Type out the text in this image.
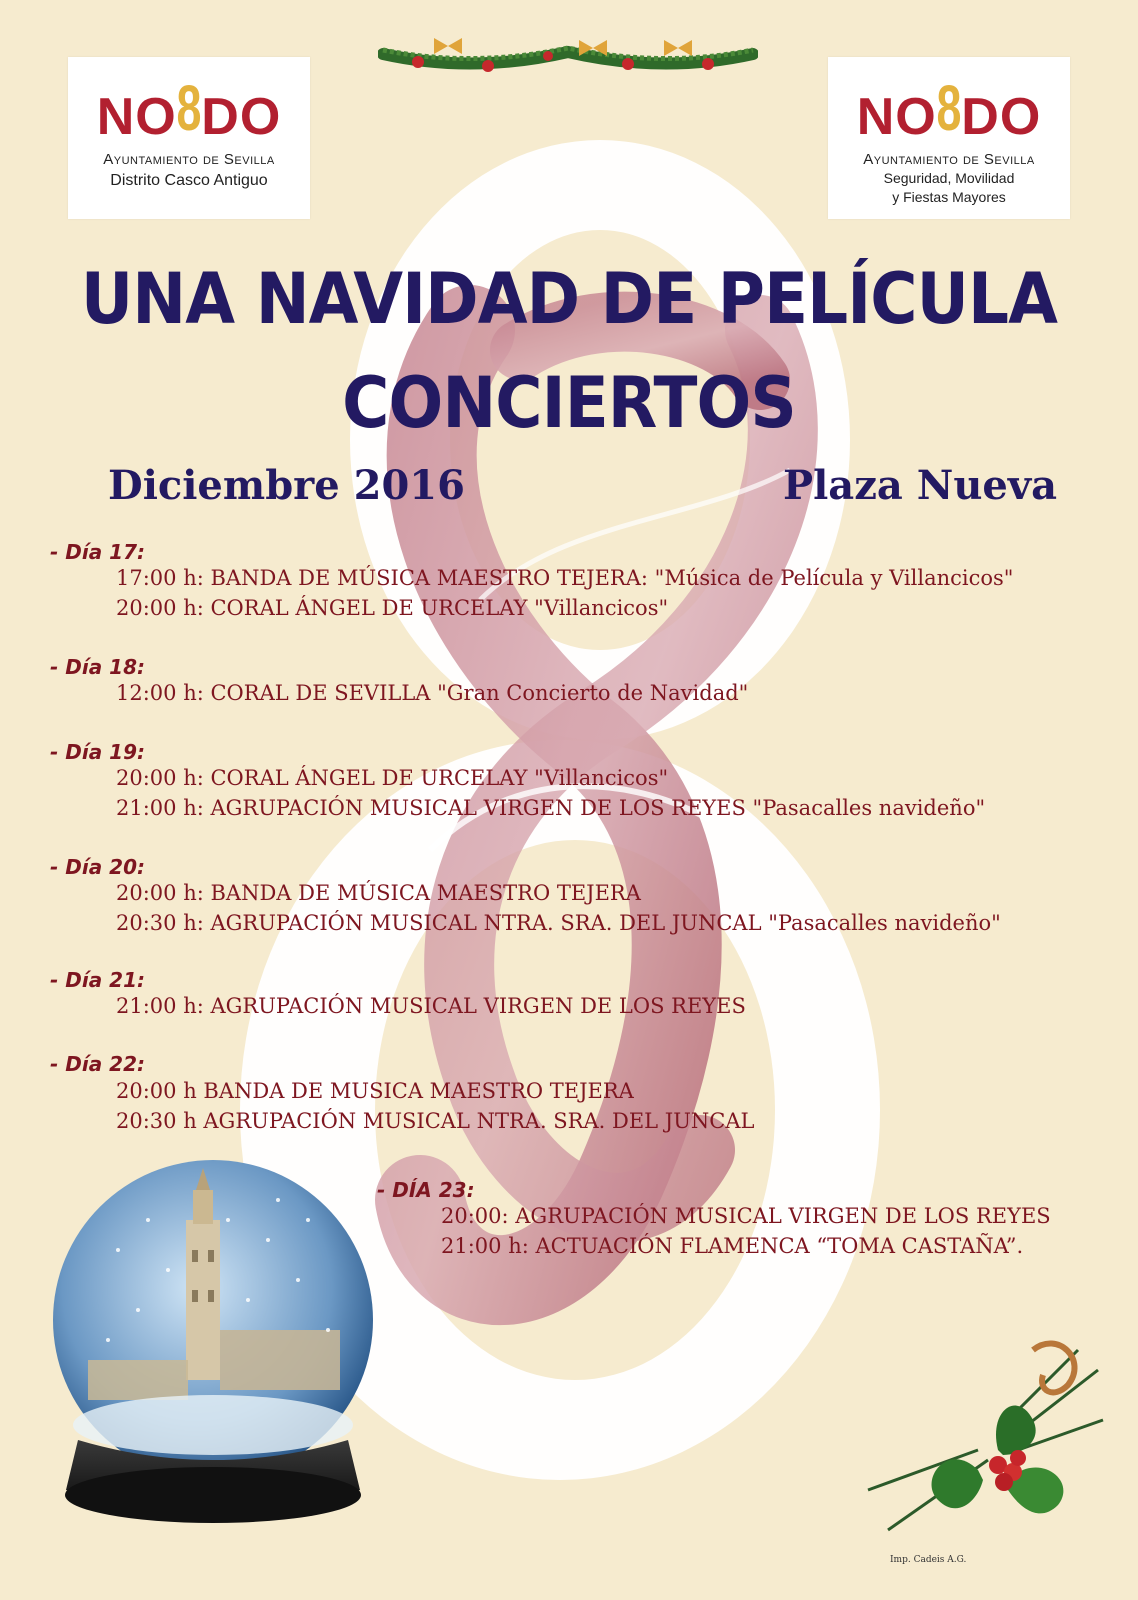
NO8DO
Ayuntamiento de Sevilla
Distrito Casco Antiguo
NO8DO
Ayuntamiento de Sevilla
Seguridad, Movilidad
y Fiestas Mayores
UNA NAVIDAD DE PELÍCULA
CONCIERTOS
Diciembre 2016	Plaza Nueva
- Día 17:
17:00 h: BANDA DE MÚSICA MAESTRO TEJERA: "Música de Película y Villancicos"
20:00 h: CORAL ÁNGEL DE URCELAY "Villancicos"
- Día 18:
12:00 h: CORAL DE SEVILLA "Gran Concierto de Navidad"
- Día 19:
20:00 h: CORAL ÁNGEL DE URCELAY "Villancicos"
21:00 h: AGRUPACIÓN MUSICAL VIRGEN DE LOS REYES "Pasacalles navideño"
- Día 20:
20:00 h: BANDA DE MÚSICA MAESTRO TEJERA
20:30 h: AGRUPACIÓN MUSICAL NTRA. SRA. DEL JUNCAL "Pasacalles navideño"
- Día 21:
21:00 h: AGRUPACIÓN MUSICAL VIRGEN DE LOS REYES
- Día 22:
20:00 h BANDA DE MUSICA MAESTRO TEJERA
20:30 h AGRUPACIÓN MUSICAL NTRA. SRA. DEL JUNCAL
- DÍA 23:
20:00: AGRUPACIÓN MUSICAL VIRGEN DE LOS REYES
21:00 h: ACTUACIÓN FLAMENCA “TOMA CASTAÑA”.
Imp. Cadeis A.G.
